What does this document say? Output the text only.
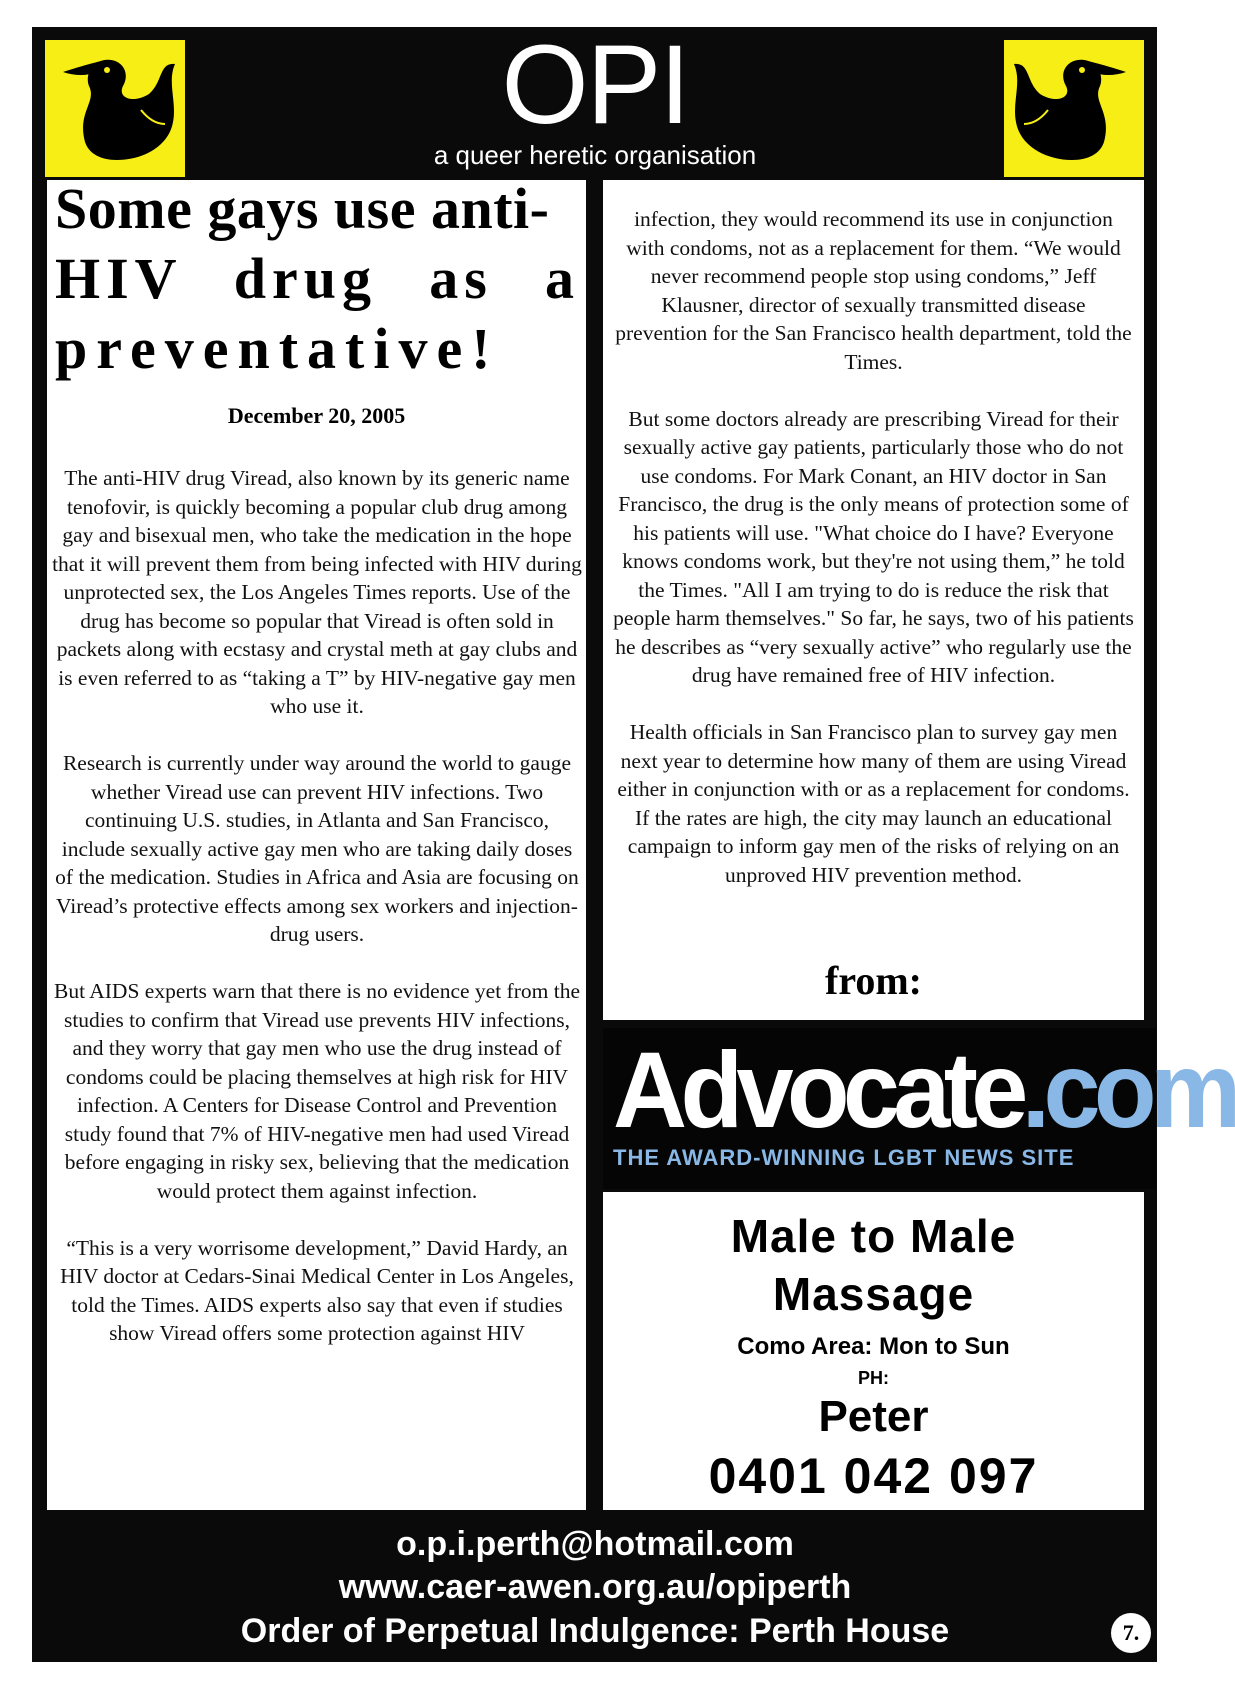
OPI
a queer heretic organisation
Some gays use anti-
HIV drug as a
preventative!
December 20, 2005

The anti-HIV drug Viread, also known by its generic name tenofovir, is quickly becoming a popular club drug among gay and bisexual men, who take the medication in the hope that it will prevent them from being infected with HIV during unprotected sex, the Los Angeles Times reports. Use of the drug has become so popular that Viread is often sold in packets along with ecstasy and crystal meth at gay clubs and is even referred to as “taking a T” by HIV-negative gay men who use it.

Research is currently under way around the world to gauge whether Viread use can prevent HIV infections. Two continuing U.S. studies, in Atlanta and San Francisco, include sexually active gay men who are taking daily doses of the medication. Studies in Africa and Asia are focusing on Viread’s protective effects among sex workers and injection-drug users.

But AIDS experts warn that there is no evidence yet from the studies to confirm that Viread use prevents HIV infections, and they worry that gay men who use the drug instead of condoms could be placing themselves at high risk for HIV infection. A Centers for Disease Control and Prevention study found that 7% of HIV-negative men had used Viread before engaging in risky sex, believing that the medication would protect them against infection.

“This is a very worrisome development,” David Hardy, an HIV doctor at Cedars-Sinai Medical Center in Los Angeles, told the Times. AIDS experts also say that even if studies show Viread offers some protection against HIV

infection, they would recommend its use in conjunction with condoms, not as a replacement for them. “We would never recommend people stop using condoms,” Jeff Klausner, director of sexually transmitted disease prevention for the San Francisco health department, told the Times.

But some doctors already are prescribing Viread for their sexually active gay patients, particularly those who do not use condoms. For Mark Conant, an HIV doctor in San Francisco, the drug is the only means of protection some of his patients will use. "What choice do I have? Everyone knows condoms work, but they're not using them,” he told the Times. "All I am trying to do is reduce the risk that people harm themselves." So far, he says, two of his patients he describes as “very sexually active” who regularly use the drug have remained free of HIV infection.

Health officials in San Francisco plan to survey gay men next year to determine how many of them are using Viread either in conjunction with or as a replacement for condoms. If the rates are high, the city may launch an educational campaign to inform gay men of the risks of relying on an unproved HIV prevention method.

from:
Advocate.com
THE AWARD-WINNING LGBT NEWS SITE
Male to Male
Massage
Como Area: Mon to Sun
PH:
Peter
0401 042 097
o.p.i.perth@hotmail.com
www.caer-awen.org.au/opiperth
Order of Perpetual Indulgence: Perth House	7.
